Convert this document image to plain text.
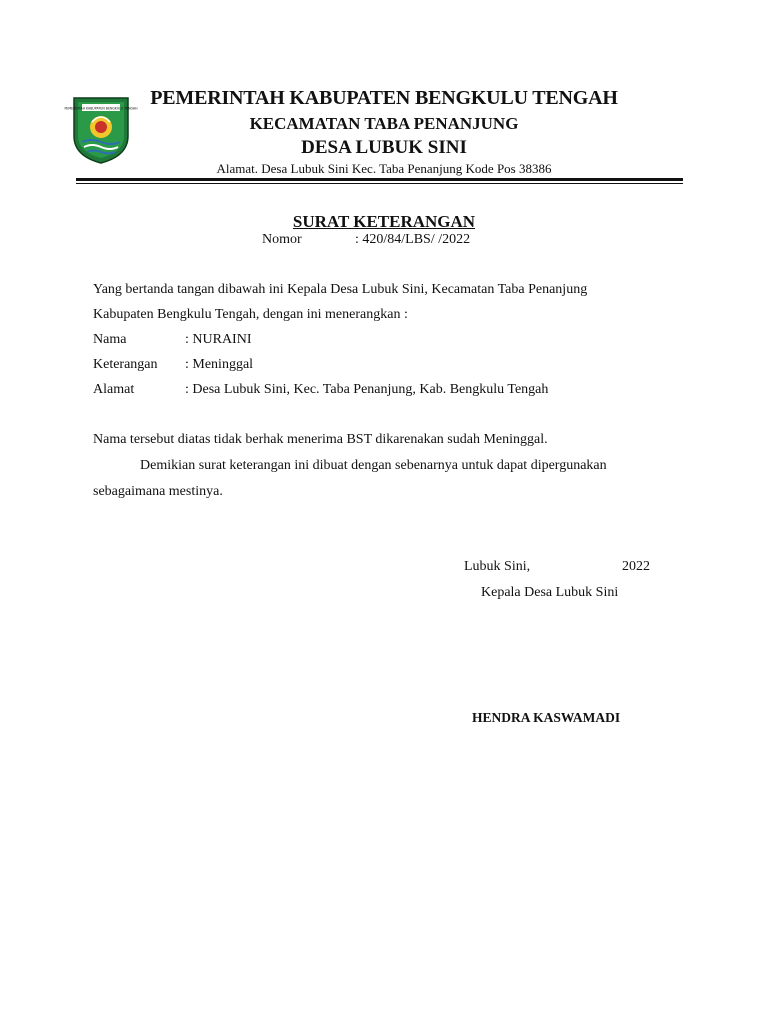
PEMERINTAH KABUPATEN BENGKULU TENGAH PEMERINTAH KABUPATEN BENGKULU TENGAH
KECAMATAN TABA PENANJUNG
DESA LUBUK SINI
Alamat. Desa Lubuk Sini Kec. Taba Penanjung Kode Pos 38386
SURAT KETERANGAN
Nomor	: 420/84/LBS/ /2022
Yang bertanda tangan dibawah ini Kepala Desa Lubuk Sini, Kecamatan Taba Penanjung
Kabupaten Bengkulu Tengah, dengan ini menerangkan :
Nama	: NURAINI
Keterangan : Meninggal
Alamat	: Desa Lubuk Sini, Kec. Taba Penanjung, Kab. Bengkulu Tengah
Nama tersebut diatas tidak berhak menerima BST dikarenakan sudah Meninggal.
Demikian surat keterangan ini dibuat dengan sebenarnya untuk dapat dipergunakan
sebagaimana mestinya.
Lubuk Sini,	2022
Kepala Desa Lubuk Sini
HENDRA KASWAMADI
